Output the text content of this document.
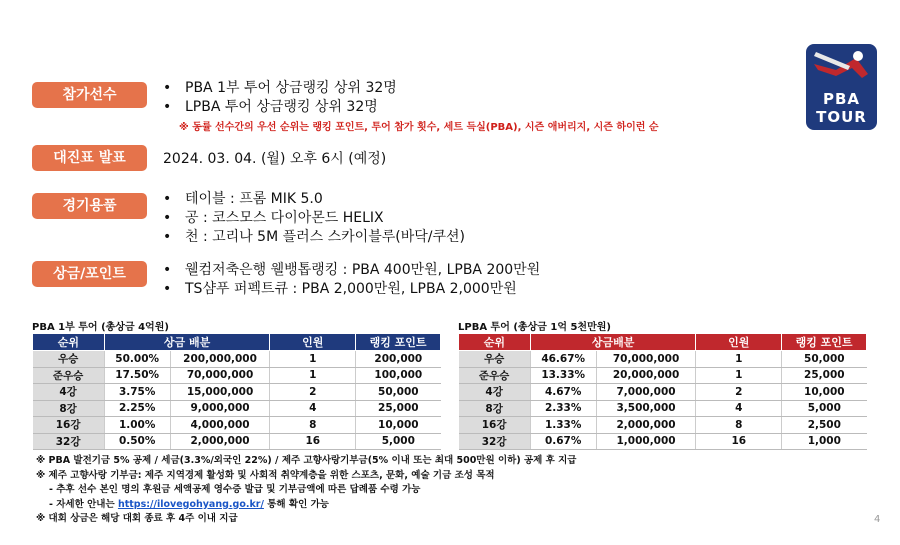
PBA
TOUR
참가선수	• PBA 1부 투어 상금랭킹 상위 32명
• LPBA 투어 상금랭킹 상위 32명
※ 동률 선수간의 우선 순위는 랭킹 포인트, 투어 참가 횟수, 세트 득실(PBA), 시즌 애버리지, 시즌 하이런 순
대진표 발표	2024. 03. 04. (월) 오후 6시 (예정)
경기용품	• 테이블 : 프롬 MIK 5.0
• 공 : 코스모스 다이아몬드 HELIX
• 천 : 고리나 5M 플러스 스카이블루(바닥/쿠션)
상금/포인트	• 웰컴저축은행 웰뱅톱랭킹 : PBA 400만원, LPBA 200만원
• TS샴푸 퍼펙트큐 : PBA 2,000만원, LPBA 2,000만원
PBA 1부 투어 (총상금 4억원)
순위	상금 배분		인원	랭킹 포인트
우승	50.00%	200,000,000	1	200,000
준우승	17.50%	70,000,000	1	100,000
4강	3.75%	15,000,000	2	50,000
8강	2.25%	9,000,000	4	25,000
16강	1.00%	4,000,000	8	10,000
32강	0.50%	2,000,000	16	5,000
LPBA 투어 (총상금 1억 5천만원)
순위	상금배분		인원	랭킹 포인트
우승	46.67%	70,000,000	1	50,000
준우승	13.33%	20,000,000	1	25,000
4강	4.67%	7,000,000	2	10,000
8강	2.33%	3,500,000	4	5,000
16강	1.33%	2,000,000	8	2,500
32강	0.67%	1,000,000	16	1,000
※ PBA 발전기금 5% 공제 / 세금(3.3%/외국인 22%) / 제주 고향사랑기부금(5% 이내 또는 최대 500만원 이하) 공제 후 지급
※ 제주 고향사랑 기부금: 제주 지역경제 활성화 및 사회적 취약계층을 위한 스포츠, 문화, 예술 기금 조성 목적
- 추후 선수 본인 명의 후원금 세액공제 영수증 발급 및 기부금액에 따른 답례품 수령 가능
- 자세한 안내는 https://ilovegohyang.go.kr/ 통해 확인 가능
※ 대회 상금은 해당 대회 종료 후 4주 이내 지급	4
